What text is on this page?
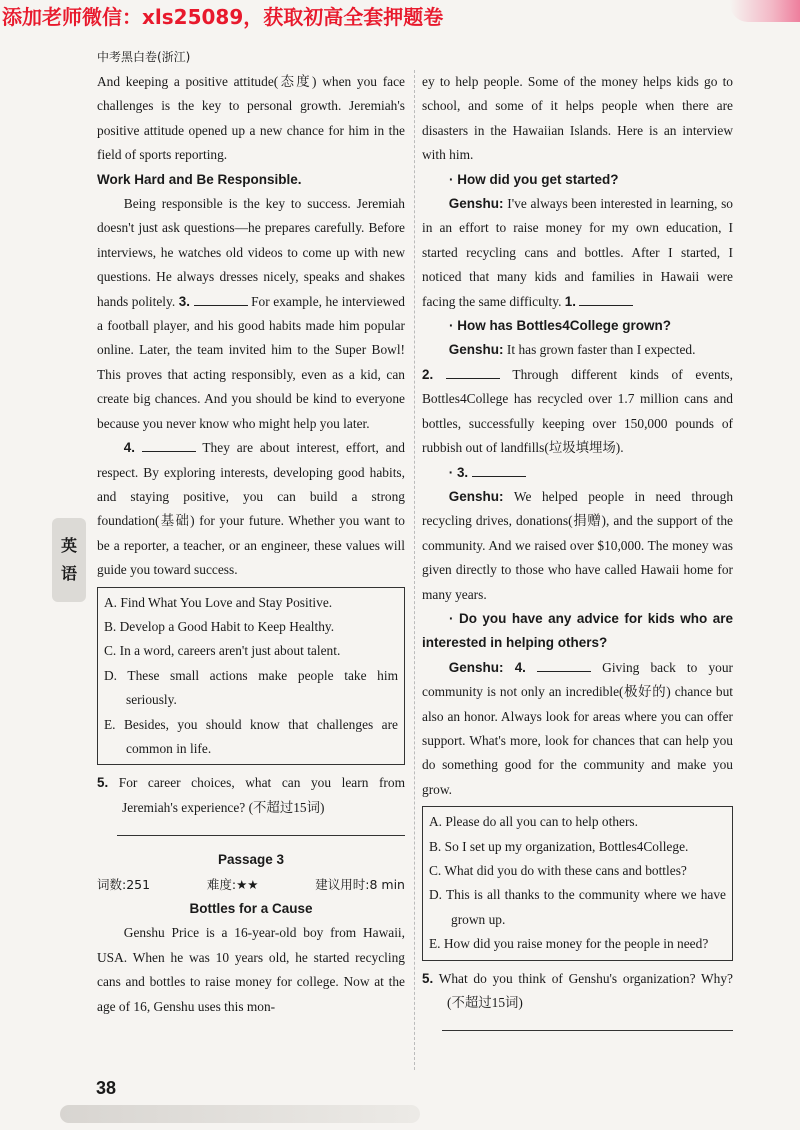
添加老师微信：xls25089，获取初高全套押题卷
中考黑白卷(浙江)
英
语

And keeping a positive attitude(态度) when you face challenges is the key to personal growth. Jeremiah's positive attitude opened up a new chance for him in the field of sports reporting.

Work Hard and Be Responsible.

Being responsible is the key to success. Jeremiah doesn't just ask questions—he prepares carefully. Before interviews, he watches old videos to come up with new questions. He always dresses nicely, speaks and shakes hands politely. 3.	For example, he interviewed a football player, and his good habits made him popular online. Later, the team invited him to the Super Bowl! This proves that acting responsibly, even as a kid, can create big chances. And you should be kind to everyone because you never know who might help you later.

4.	They are about interest, effort, and respect. By exploring interests, developing good habits, and staying positive, you can build a strong foundation(基础) for your future. Whether you want to be a reporter, a teacher, or an engineer, these values will guide you toward success.

A. Find What You Love and Stay Positive.

B. Develop a Good Habit to Keep Healthy.

C. In a word, careers aren't just about talent.

D. These small actions make people take him seriously.

E. Besides, you should know that challenges are common in life.

5. For career choices, what can you learn from Jeremiah's experience? (不超过15词)

Passage 3

词数:251	难度:★★	建议用时:8 min

Bottles for a Cause

Genshu Price is a 16-year-old boy from Hawaii, USA. When he was 10 years old, he started recycling cans and bottles to raise money for college. Now at the age of 16, Genshu uses this mon-

ey to help people. Some of the money helps kids go to school, and some of it helps people when there are disasters in the Hawaiian Islands. Here is an interview with him.

· How did you get started?

Genshu: I've always been interested in learning, so in an effort to raise money for my own education, I started recycling cans and bottles. After I started, I noticed that many kids and families in Hawaii were facing the same difficulty. 1.

· How has Bottles4College grown?

Genshu: It has grown faster than I expected.

2.	Through different kinds of events, Bottles4College has recycled over 1.7 million cans and bottles, successfully keeping over 150,000 pounds of rubbish out of landfills(垃圾填埋场).

· 3.

Genshu: We helped people in need through recycling drives, donations(捐赠), and the support of the community. And we raised over $10,000. The money was given directly to those who have called Hawaii home for many years.

· Do you have any advice for kids who are interested in helping others?

Genshu: 4.	Giving back to your community is not only an incredible(极好的) chance but also an honor. Always look for areas where you can offer support. What's more, look for chances that can help you do something good for the community and make you grow.

A. Please do all you can to help others.

B. So I set up my organization, Bottles4College.

C. What did you do with these cans and bottles?

D. This is all thanks to the community where we have grown up.

E. How did you raise money for the people in need?

5. What do you think of Genshu's organization? Why? (不超过15词)

38
